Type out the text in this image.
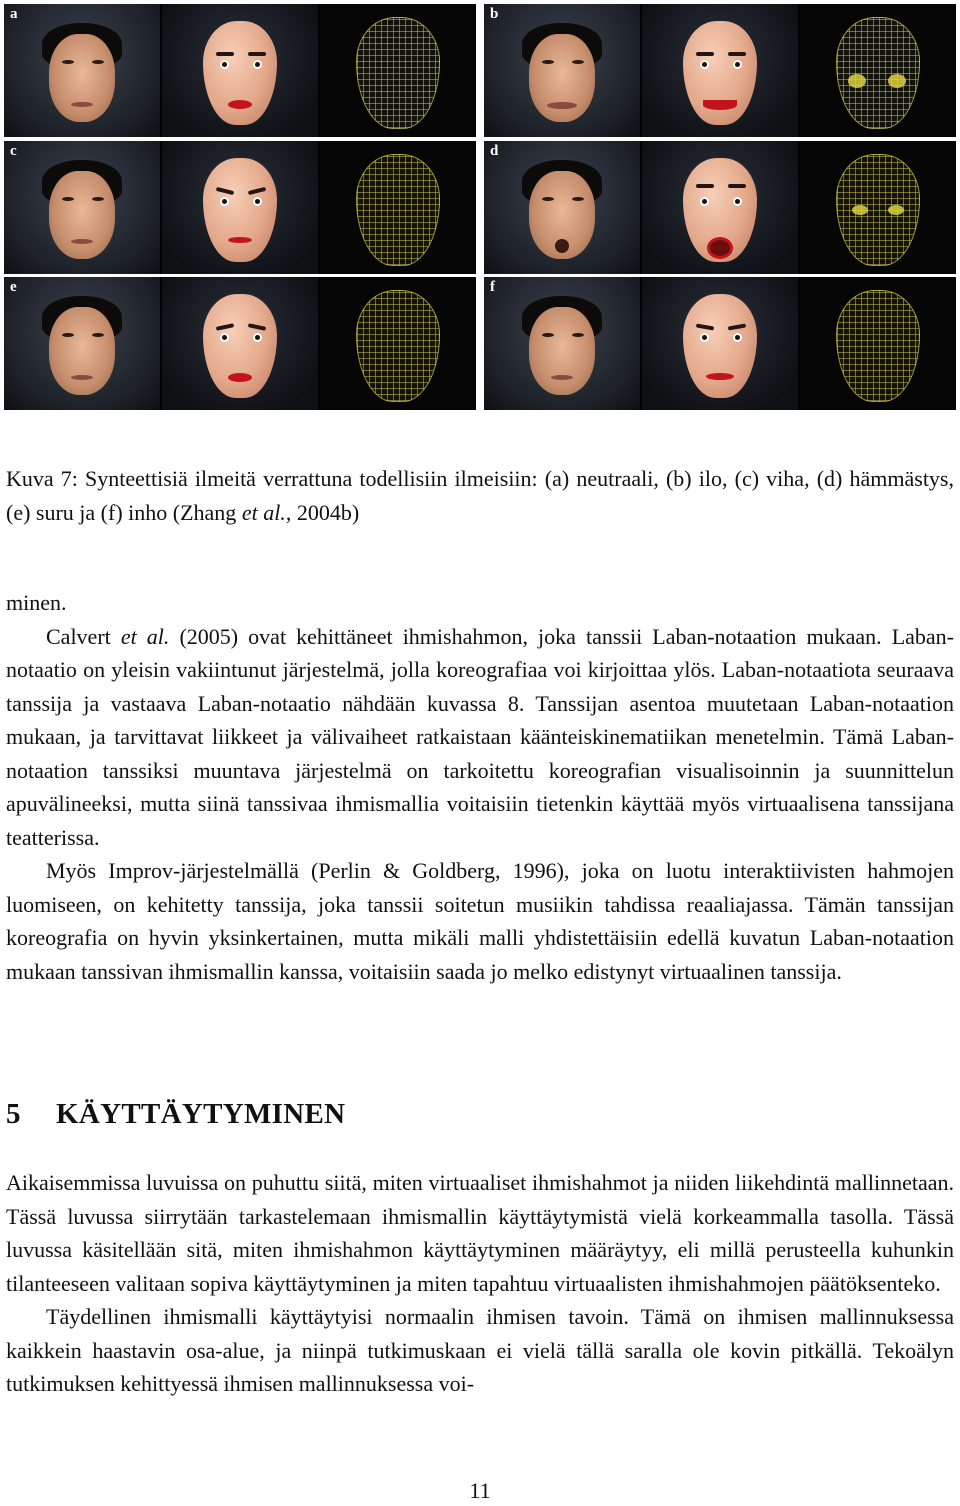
a	b
c	d
e	f

Kuva 7: Synteettisiä ilmeitä verrattuna todellisiin ilmeisiin: (a) neutraali, (b) ilo, (c) viha, (d) hämmästys, (e) suru ja (f) inho (Zhang et al., 2004b)

minen.

Calvert et al. (2005) ovat kehittäneet ihmishahmon, joka tanssii Laban-notaation mukaan. Laban-notaatio on yleisin vakiintunut järjestelmä, jolla koreografiaa voi kirjoittaa ylös. Laban-notaatiota seuraava tanssija ja vastaava Laban-notaatio nähdään kuvassa 8. Tanssijan asentoa muutetaan Laban-notaation mukaan, ja tarvittavat liikkeet ja välivaiheet ratkaistaan käänteiskinematiikan menetelmin. Tämä Laban-notaation tanssiksi muuntava järjestelmä on tarkoitettu koreografian visualisoinnin ja suunnittelun apuvälineeksi, mutta siinä tanssivaa ihmismallia voitaisiin tietenkin käyttää myös virtuaalisena tanssijana teatterissa.

Myös Improv-järjestelmällä (Perlin & Goldberg, 1996), joka on luotu interaktiivisten hahmojen luomiseen, on kehitetty tanssija, joka tanssii soitetun musiikin tahdissa reaaliajassa. Tämän tanssijan koreografia on hyvin yksinkertainen, mutta mikäli malli yhdistettäisiin edellä kuvatun Laban-notaation mukaan tanssivan ihmismallin kanssa, voitaisiin saada jo melko edistynyt virtuaalinen tanssija.

5 KÄYTTÄYTYMINEN

Aikaisemmissa luvuissa on puhuttu siitä, miten virtuaaliset ihmishahmot ja niiden liikehdintä mallinnetaan. Tässä luvussa siirrytään tarkastelemaan ihmismallin käyttäytymistä vielä korkeammalla tasolla. Tässä luvussa käsitellään sitä, miten ihmishahmon käyttäytyminen määräytyy, eli millä perusteella kuhunkin tilanteeseen valitaan sopiva käyttäytyminen ja miten tapahtuu virtuaalisten ihmishahmojen päätöksenteko.

Täydellinen ihmismalli käyttäytyisi normaalin ihmisen tavoin. Tämä on ihmisen mallinnuksessa kaikkein haastavin osa-alue, ja niinpä tutkimuskaan ei vielä tällä saralla ole kovin pitkällä. Tekoälyn tutkimuksen kehittyessä ihmisen mallinnuksessa voi-

11
